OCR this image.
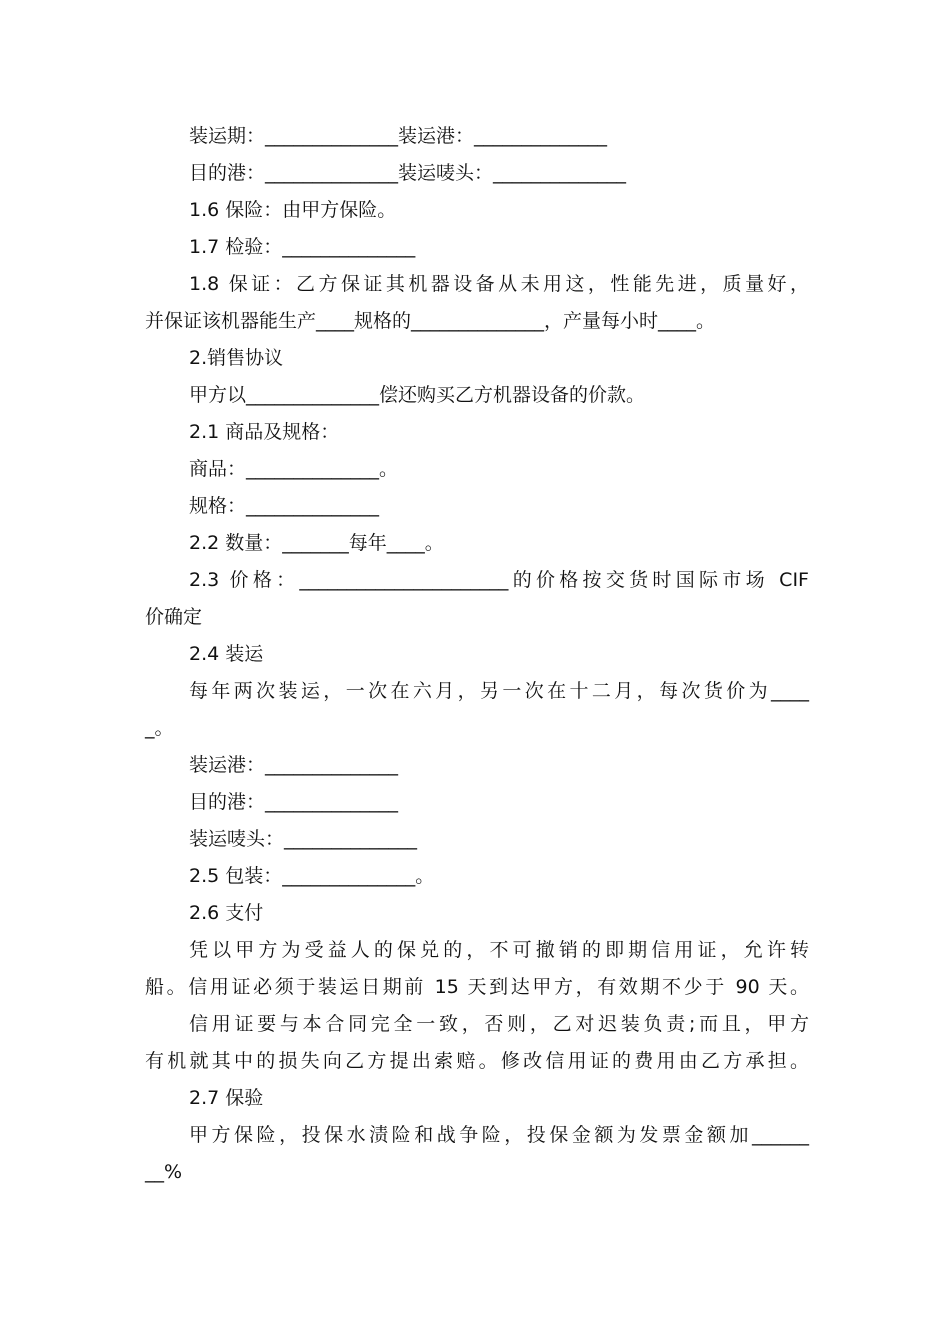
装运期：______________装运港：______________

目的港：______________装运唛头：______________

1.6 保险：由甲方保险。

1.7 检验：______________

1.8 保证：乙方保证其机器设备从未用这，性能先进，质量好，

并保证该机器能生产____规格的______________，产量每小时____。

2.销售协议

甲方以______________偿还购买乙方机器设备的价款。

2.1 商品及规格：

商品：______________。

规格：______________

2.2 数量：_______每年____。

2.3 价格：______________________的价格按交货时国际市场 CIF

价确定

2.4 装运

每年两次装运，一次在六月，另一次在十二月，每次货价为____

_。

装运港：______________

目的港：______________

装运唛头：______________

2.5 包装：______________。

2.6 支付

凭以甲方为受益人的保兑的，不可撤销的即期信用证，允许转

船。信用证必须于装运日期前 15 天到达甲方，有效期不少于 90 天。

信用证要与本合同完全一致，否则，乙对迟装负责;而且，甲方

有机就其中的损失向乙方提出索赔。修改信用证的费用由乙方承担。

2.7 保验

甲方保险，投保水渍险和战争险，投保金额为发票金额加______

__%
